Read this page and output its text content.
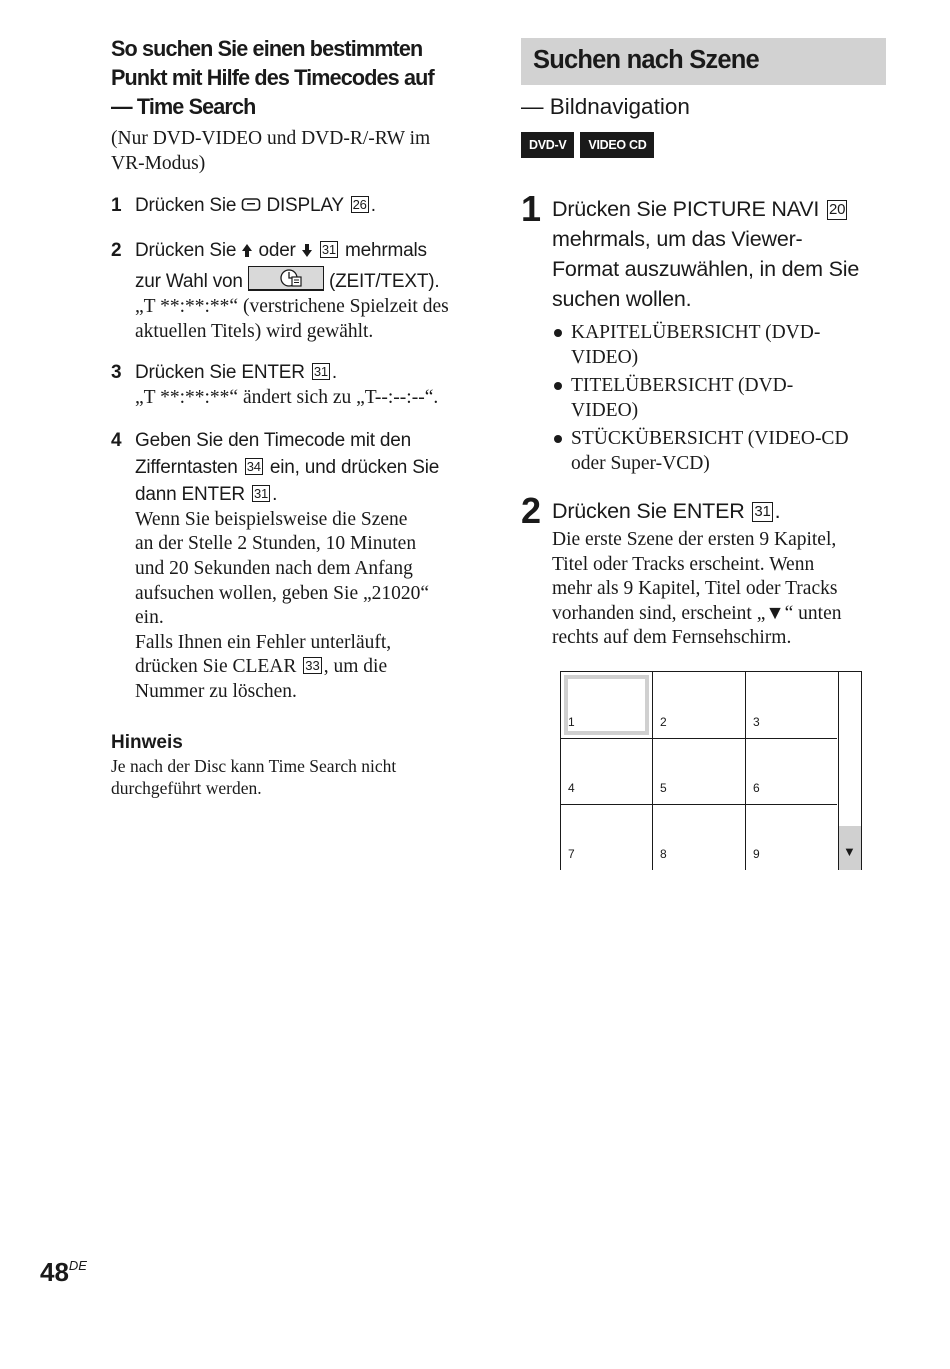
So suchen Sie einen bestimmten
Punkt mit Hilfe des Timecodes auf
— Time Search
(Nur DVD-VIDEO und DVD-R/-RW im
VR-Modus)
1 Drücken Sie  DISPLAY 26 .
2 Drücken Sie  oder  31 mehrmals
zur Wahl von	(ZEIT/TEXT).
„T **:**:**“ (verstrichene Spielzeit des
aktuellen Titels) wird gewählt.
3 Drücken Sie ENTER 31 .
„T **:**:**“ ändert sich zu „T--:--:--“.
4 Geben Sie den Timecode mit den
Zifferntasten 34 ein, und drücken Sie
dann ENTER 31 .
Wenn Sie beispielsweise die Szene
an der Stelle 2 Stunden, 10 Minuten
und 20 Sekunden nach dem Anfang
aufsuchen wollen, geben Sie „21020“
ein.
Falls Ihnen ein Fehler unterläuft,
drücken Sie CLEAR 33 , um die
Nummer zu löschen.
Hinweis
Je nach der Disc kann Time Search nicht
durchgeführt werden.
Suchen nach Szene
— Bildnavigation
DVD-V VIDEO CD
1 Drücken Sie PICTURE NAVI 20
mehrmals, um das Viewer-
Format auszuwählen, in dem Sie
suchen wollen.
KAPITELÜBERSICHT (DVD-
VIDEO)
TITELÜBERSICHT (DVD-
VIDEO)
STÜCKÜBERSICHT (VIDEO-CD
oder Super-VCD)
2 Drücken Sie ENTER 31 .
Die erste Szene der ersten 9 Kapitel,
Titel oder Tracks erscheint. Wenn
mehr als 9 Kapitel, Titel oder Tracks
vorhanden sind, erscheint „▼“ unten
rechts auf dem Fernsehschirm.
1	2	3
4	5	6
7	8	9	▼
48DE
